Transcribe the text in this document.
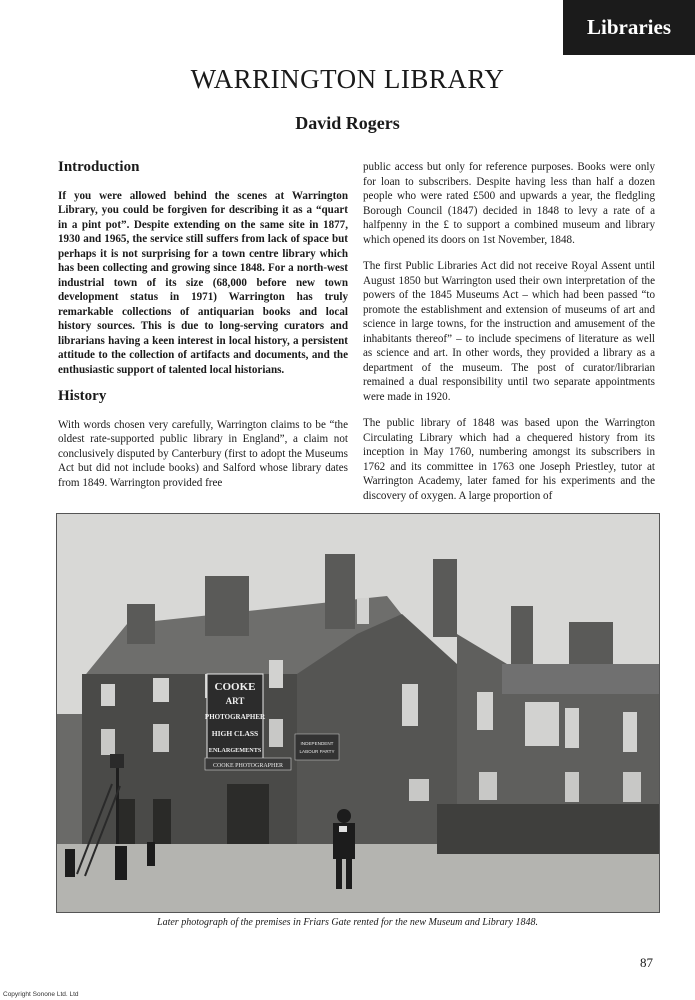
Libraries
WARRINGTON LIBRARY
David Rogers
Introduction

If you were allowed behind the scenes at Warrington Library, you could be forgiven for describing it as a “quart in a pint pot”. Despite extending on the same site in 1877, 1930 and 1965, the service still suffers from lack of space but perhaps it is not surprising for a town centre library which has been collecting and growing since 1848. For a north-west industrial town of its size (68,000 before new town development status in 1971) Warrington has truly remarkable collections of antiquarian books and local history sources. This is due to long-serving curators and librarians having a keen interest in local history, a persistent attitude to the collection of artifacts and documents, and the enthusiastic support of talented local historians.

History

With words chosen very carefully, Warrington claims to be “the oldest rate-supported public library in England”, a claim not conclusively disputed by Canterbury (first to adopt the Museums Act but did not include books) and Salford whose library dates from 1849. Warrington provided free

public access but only for reference purposes. Books were only for loan to subscribers. Despite having less than half a dozen people who were rated £500 and upwards a year, the fledgling Borough Council (1847) decided in 1848 to levy a rate of a halfpenny in the £ to support a combined museum and library which opened its doors on 1st November, 1848.

The first Public Libraries Act did not receive Royal Assent until August 1850 but Warrington used their own interpretation of the powers of the 1845 Museums Act – which had been passed “to promote the establishment and extension of museums of art and science in large towns, for the instruction and amusement of the inhabitants thereof” – to include specimens of literature as well as science and art. In other words, they provided a library as a department of the museum. The post of curator/librarian remained a dual responsibility until two separate appointments were made in 1920.

The public library of 1848 was based upon the Warrington Circulating Library which had a chequered history from its inception in May 1760, numbering amongst its subscribers in 1762 and its committee in 1763 one Joseph Priestley, tutor at Warrington Academy, later famed for his experiments and the discovery of oxygen. A large proportion of

COOKE
ART
PHOTOGRAPHER
HIGH CLASS
ENLARGEMENTS
COOKE PHOTOGRAPHER
INDEPENDENT
LABOUR PARTY
Later photograph of the premises in Friars Gate rented for the new Museum and Library 1848.
87
Copyright Sonone Ltd. Ltd
